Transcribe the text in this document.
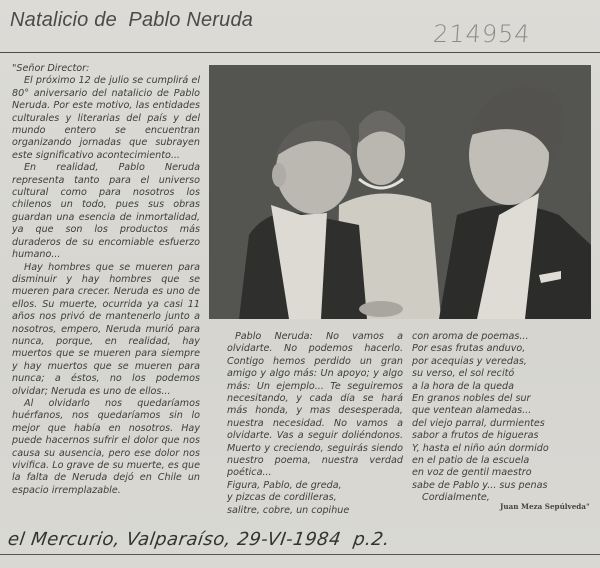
Natalicio de  Pablo Neruda	214954

"Señor Director:

El próximo 12 de julio se cumplirá el 80° aniversario del natalicio de Pablo Neruda. Por este motivo, las entidades culturales y literarias del país y del mundo entero se encuentran organizando jornadas que subrayen este significativo acontecimiento...

En realidad, Pablo Neruda representa tanto para el universo cultural como para nosotros los chilenos un todo, pues sus obras guardan una esencia de inmortalidad, ya que son los productos más duraderos de su encomiable esfuerzo humano...

Hay hombres que se mueren para disminuir y hay hombres que se mueren para crecer. Neruda es uno de ellos. Su muerte, ocurrida ya casi 11 años nos privó de mantenerlo junto a nosotros, empero, Neruda murió para nunca, porque, en realidad, hay muertos que se mueren para siempre y hay muertos que se mueren para nunca; a éstos, no los podemos olvidar; Neruda es uno de ellos...

Al olvidarlo nos quedaríamos huérfanos, nos quedaríamos sin lo mejor que había en nosotros. Hay puede hacernos sufrir el dolor que nos causa su ausencia, pero ese dolor nos vivifica. Lo grave de su muerte, es que la falta de Neruda dejó en Chile un espacio irremplazable.

Pablo Neruda: No vamos a olvidarte. No podemos hacerlo. Contigo hemos perdido un gran amigo y algo más: Un apoyo; y algo más: Un ejemplo... Te seguiremos necesitando, y cada día se hará más honda, y mas desesperada, nuestra necesidad. No vamos a olvidarte. Vas a seguir doliéndonos. Muerto y creciendo, seguirás siendo nuestro poema, nuestra verdad poética...

Figura, Pablo, de greda,
y pizcas de cordilleras,
salitre, cobre, un copihue
con aroma de poemas...
Por esas frutas anduvo,
por acequias y veredas,
su verso, el sol recitó
a la hora de la queda
En granos nobles del sur
que ventean alamedas...
del viejo parral, durmientes
sabor a frutos de higueras
Y, hasta el niño aún dormido
en el patio de la escuela
en voz de gentil maestro
sabe de Pablo y... sus penas
Cordialmente,
Juan Meza Sepúlveda"
el Mercurio, Valparaíso, 29-VI-1984  p.2.
